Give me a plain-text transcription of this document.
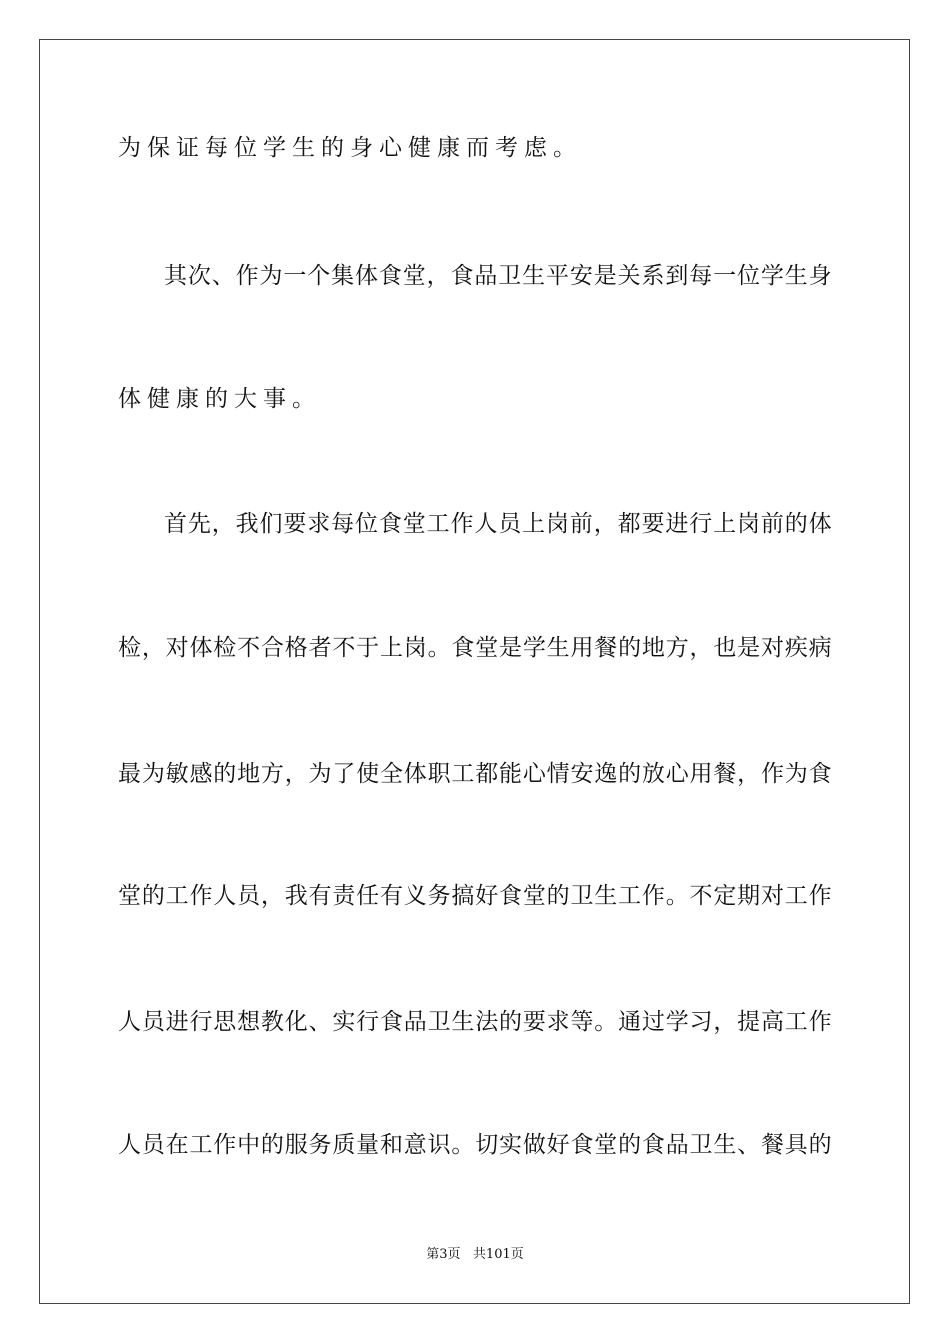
为保证每位学生的身心健康而考虑。
其 次 、 作 为 一 个 集 体 食 堂 ， 食 品 卫 生 平 安 是 关 系 到 每 一 位 学 生 身
体健康的大事。
首 先 ， 我 们 要 求 每 位 食 堂 工 作 人 员 上 岗 前 ， 都 要 进 行 上 岗 前 的 体
检 ， 对 体 检 不 合 格 者 不 于 上 岗 。 食 堂 是 学 生 用 餐 的 地 方 ， 也 是 对 疾 病
最 为 敏 感 的 地 方 ， 为 了 使 全 体 职 工 都 能 心 情 安 逸 的 放 心 用 餐 ， 作 为 食
堂 的 工 作 人 员 ， 我 有 责 任 有 义 务 搞 好 食 堂 的 卫 生 工 作 。 不 定 期 对 工 作
人 员 进 行 思 想 教 化 、 实 行 食 品 卫 生 法 的 要 求 等 。 通 过 学 习 ， 提 高 工 作
人 员 在 工 作 中 的 服 务 质 量 和 意 识 。 切 实 做 好 食 堂 的 食 品 卫 生 、 餐 具 的
第3页 共101页
